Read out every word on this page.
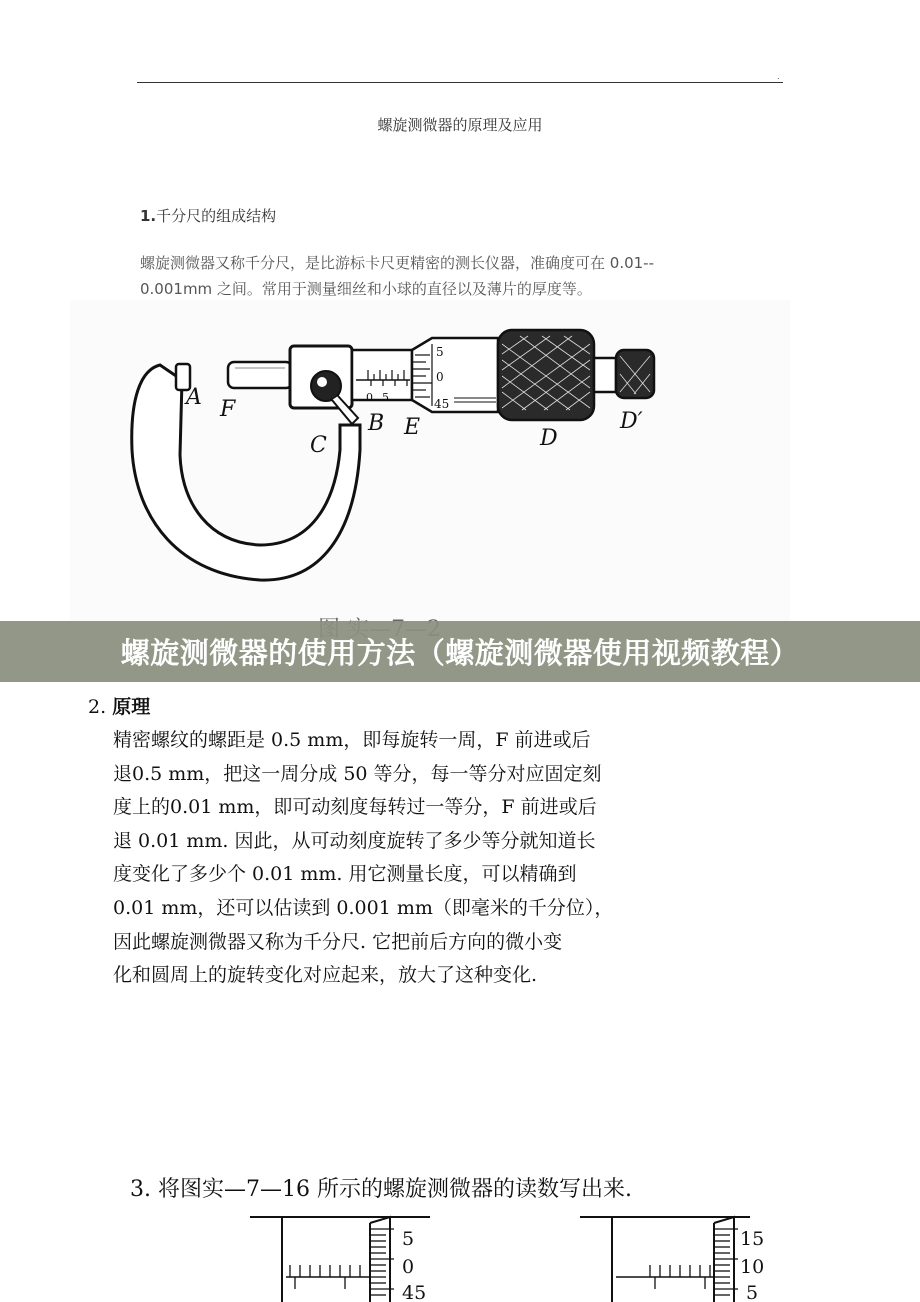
.
螺旋测微器的原理及应用
1.千分尺的组成结构
螺旋测微器又称千分尺，是比游标卡尺更精密的测长仪器，准确度可在 0.01--
0.001mm 之间。常用于测量细丝和小球的直径以及薄片的厚度等。
0 5
5
0
45
A F
C
B E	D
D′
螺旋测微器的使用方法（螺旋测微器使用视频教程）
2. 原理
精密螺纹的螺距是 0.5 mm，即每旋转一周，F 前进或后
退0.5 mm，把这一周分成 50 等分，每一等分对应固定刻
度上的0.01 mm，即可动刻度每转过一等分，F 前进或后
退 0.01 mm. 因此，从可动刻度旋转了多少等分就知道长
度变化了多少个 0.01 mm. 用它测量长度，可以精确到
0.01 mm，还可以估读到 0.001 mm（即毫米的千分位），
因此螺旋测微器又称为千分尺. 它把前后方向的微小变
化和圆周上的旋转变化对应起来，放大了这种变化.
3. 将图实—7—16 所示的螺旋测微器的读数写出来.
5
0
45
15
10
5
